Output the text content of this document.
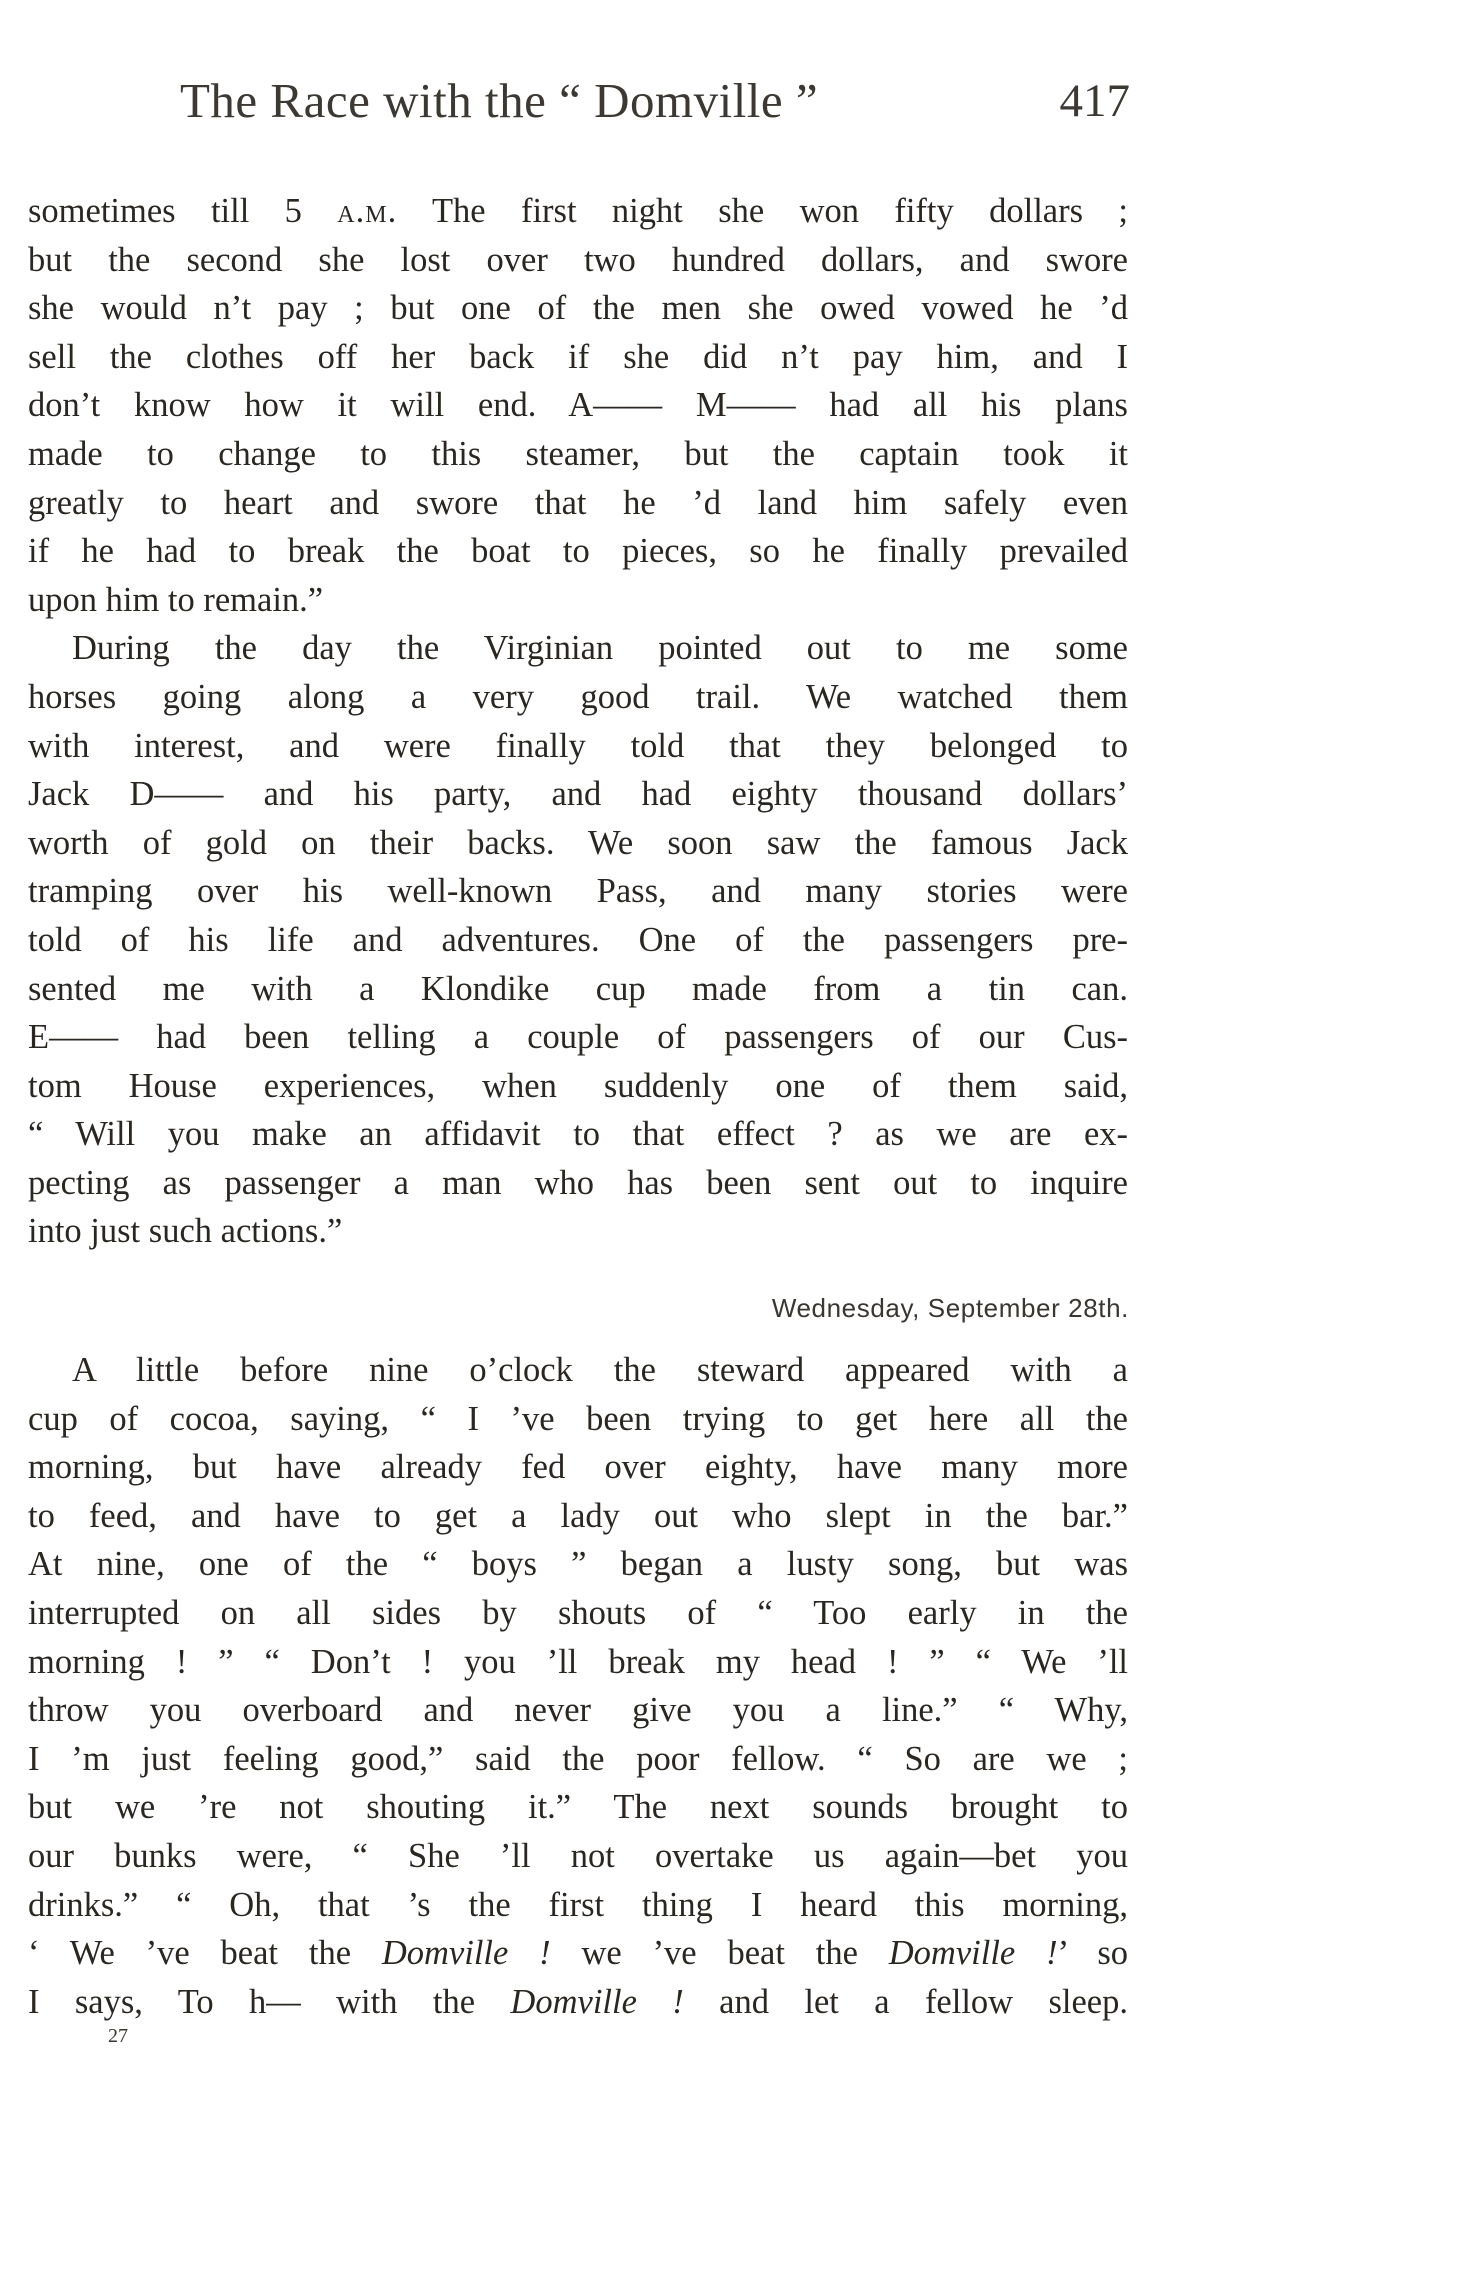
The Race with the “ Domville ”	417
sometimes till 5 a.m. The first night she won fifty dollars ;
but the second she lost over two hundred dollars, and swore
she would n’t pay ; but one of the men she owed vowed he ’d
sell the clothes off her back if she did n’t pay him, and I
don’t know how it will end. A—— M—— had all his plans
made to change to this steamer, but the captain took it
greatly to heart and swore that he ’d land him safely even
if he had to break the boat to pieces, so he finally prevailed
upon him to remain.”
During the day the Virginian pointed out to me some
horses going along a very good trail. We watched them
with interest, and were finally told that they belonged to
Jack D—— and his party, and had eighty thousand dollars’
worth of gold on their backs. We soon saw the famous Jack
tramping over his well-known Pass, and many stories were
told of his life and adventures. One of the passengers pre-
sented me with a Klondike cup made from a tin can.
E—— had been telling a couple of passengers of our Cus-
tom House experiences, when suddenly one of them said,
“ Will you make an affidavit to that effect ? as we are ex-
pecting as passenger a man who has been sent out to inquire
into just such actions.”
Wednesday, September 28th.
A little before nine o’clock the steward appeared with a
cup of cocoa, saying, “ I ’ve been trying to get here all the
morning, but have already fed over eighty, have many more
to feed, and have to get a lady out who slept in the bar.”
At nine, one of the “ boys ” began a lusty song, but was
interrupted on all sides by shouts of “ Too early in the
morning ! ” “ Don’t ! you ’ll break my head ! ” “ We ’ll
throw you overboard and never give you a line.” “ Why,
I ’m just feeling good,” said the poor fellow. “ So are we ;
but we ’re not shouting it.” The next sounds brought to
our bunks were, “ She ’ll not overtake us again—bet you
drinks.” “ Oh, that ’s the first thing I heard this morning,
‘ We ’ve beat the Domville ! we ’ve beat the Domville !’ so
I says, To h— with the Domville ! and let a fellow sleep.
27
